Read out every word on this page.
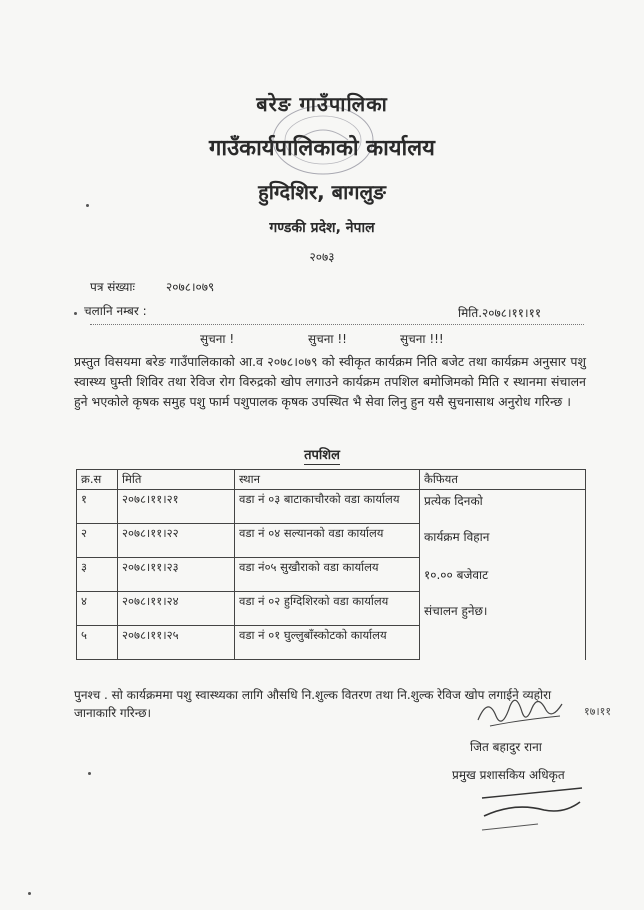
बरेङ गाउँपालिका
गाउँकार्यपालिकाको कार्यालय
हुग्दिशिर, बागलुङ
गण्डकी प्रदेश, नेपाल
२०७३
पत्र संख्याः	२०७८।०७९
चलानि नम्बर :	मिति.२०७८।११।११
सुचना !	सुचना !!	सुचना !!!
प्रस्तुत विसयमा बरेङ गाउँपालिकाको आ.व २०७८।०७९ को स्वीकृत कार्यक्रम निति बजेट तथा कार्यक्रम अनुसार पशु स्वास्थ्य घुम्ती शिविर तथा रेविज रोग विरुद्रको खोप लगाउने कार्यक्रम तपशिल बमोजिमको मिति र स्थानमा संचालन हुने भएकोले कृषक समुह पशु फार्म पशुपालक कृषक उपस्थित भै सेवा लिनु हुन यसै सुचनासाथ अनुरोध गरिन्छ ।
तपशिल
क्र.स	मिति	स्थान	कैफियत
१	२०७८।११।२१	वडा नं ०३ बाटाकाचौरको वडा कार्यालय	
२	२०७८।११।२२	वडा नं ०४ सल्यानको वडा कार्यालय	
३	२०७८।११।२३	वडा नं०५ सुखौराको वडा कार्यालय	
४	२०७८।११।२४	वडा नं ०२ हुग्दिशिरको वडा कार्यालय	
५	२०७८।११।२५	वडा नं ०१ घुल्लुबाँस्कोटको कार्यालय	
प्रत्येक दिनको
कार्यक्रम विहान
१०.०० बजेवाट
संचालन हुनेछ।
पुनश्च . सो कार्यक्रममा पशु स्वास्थ्यका लागि औसधि नि.शुल्क वितरण तथा नि.शुल्क रेविज खोप लगाईने व्यहोरा जानाकारि गरिन्छ।	१७।११
जित बहादुर राना
प्रमुख प्रशासकिय अधिकृत
